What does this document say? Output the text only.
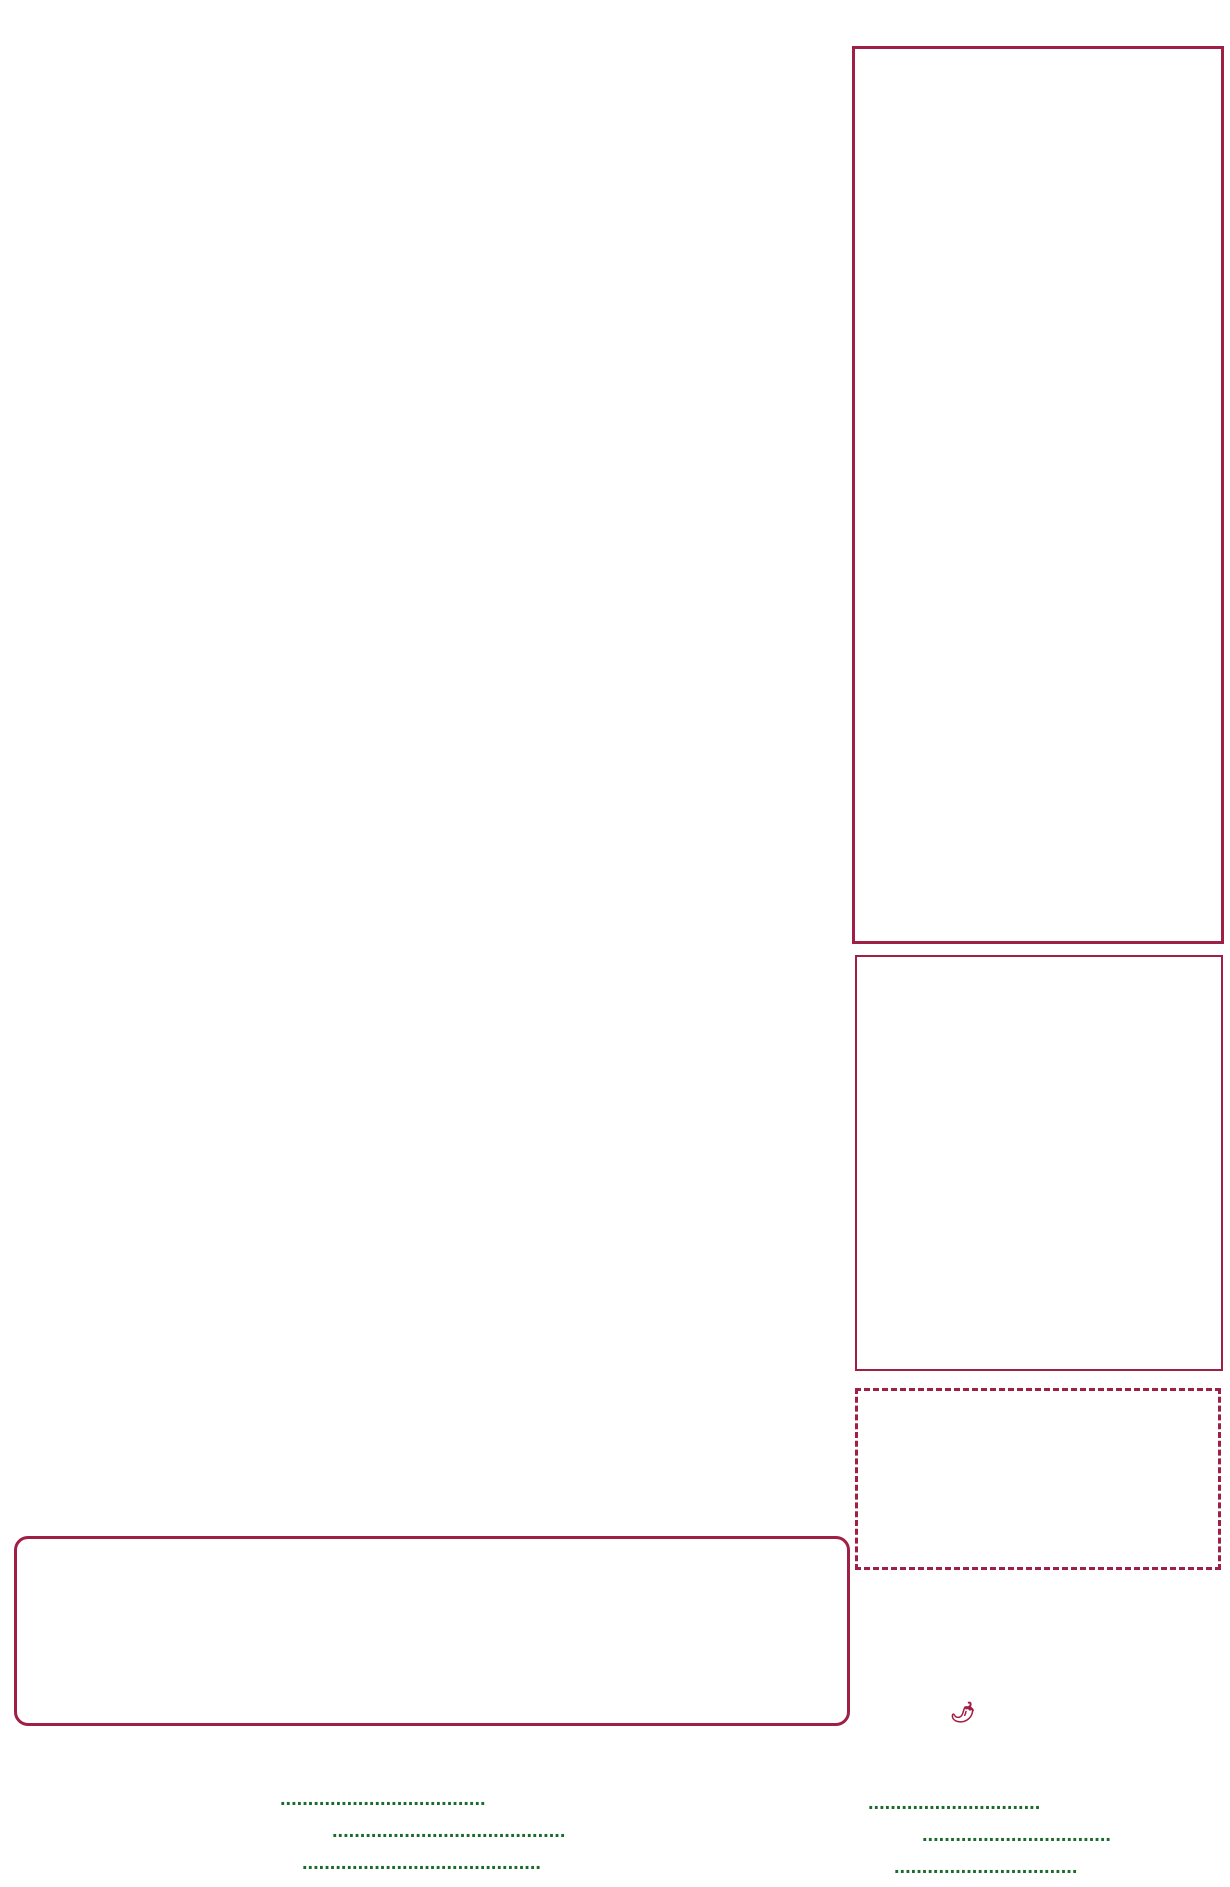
🌶
.....................................
..........................................
...........................................
...............................
..................................
.................................
